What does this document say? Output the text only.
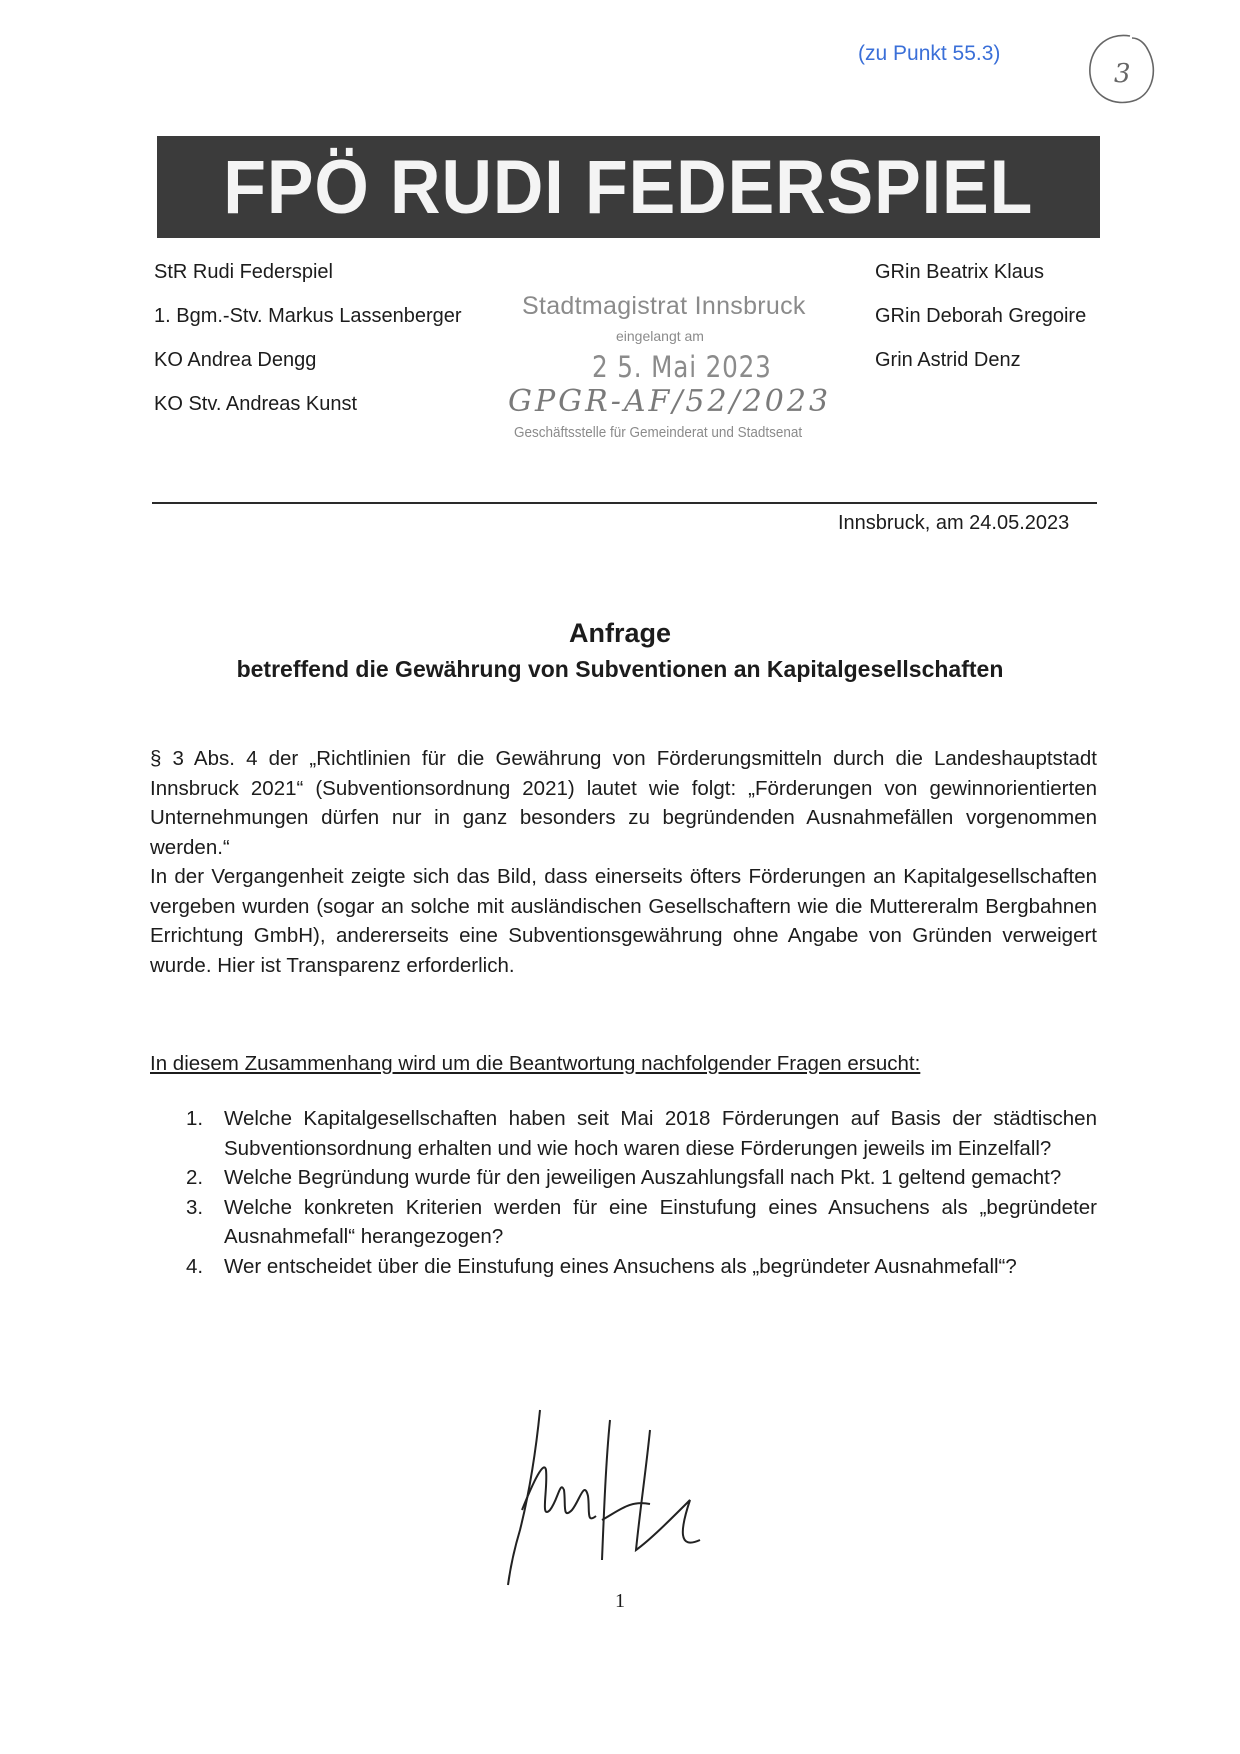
(zu Punkt 55.3)
3
FPÖ RUDI FEDERSPIEL
StR Rudi Federspiel
1. Bgm.-Stv. Markus Lassenberger
KO Andrea Dengg
KO Stv. Andreas Kunst
GRin Beatrix Klaus
GRin Deborah Gregoire
Grin Astrid Denz
Stadtmagistrat Innsbruck
eingelangt am
2 5. Mai 2023
GPGR-AF/52/2023
Geschäftsstelle für Gemeinderat und Stadtsenat
Innsbruck, am 24.05.2023
Anfrage
betreffend die Gewährung von Subventionen an Kapitalgesellschaften

§ 3 Abs. 4 der „Richtlinien für die Gewährung von Förderungsmitteln durch die Landeshauptstadt Innsbruck 2021“ (Subventionsordnung 2021) lautet wie folgt: „Förderungen von gewinnorientierten Unternehmungen dürfen nur in ganz besonders zu begründenden Ausnahmefällen vorgenommen werden.“

In der Vergangenheit zeigte sich das Bild, dass einerseits öfters Förderungen an Kapitalgesellschaften vergeben wurden (sogar an solche mit ausländischen Gesellschaftern wie die Muttereralm Bergbahnen Errichtung GmbH), andererseits eine Subventionsgewährung ohne Angabe von Gründen verweigert wurde. Hier ist Transparenz erforderlich.

In diesem Zusammenhang wird um die Beantwortung nachfolgender Fragen ersucht:
1. Welche Kapitalgesellschaften haben seit Mai 2018 Förderungen auf Basis der städtischen Subventionsordnung erhalten und wie hoch waren diese Förderungen jeweils im Einzelfall?
2. Welche Begründung wurde für den jeweiligen Auszahlungsfall nach Pkt. 1 geltend gemacht?
3. Welche konkreten Kriterien werden für eine Einstufung eines Ansuchens als „begründeter Ausnahmefall“ herangezogen?
4. Wer entscheidet über die Einstufung eines Ansuchens als „begründeter Ausnahmefall“?
1
